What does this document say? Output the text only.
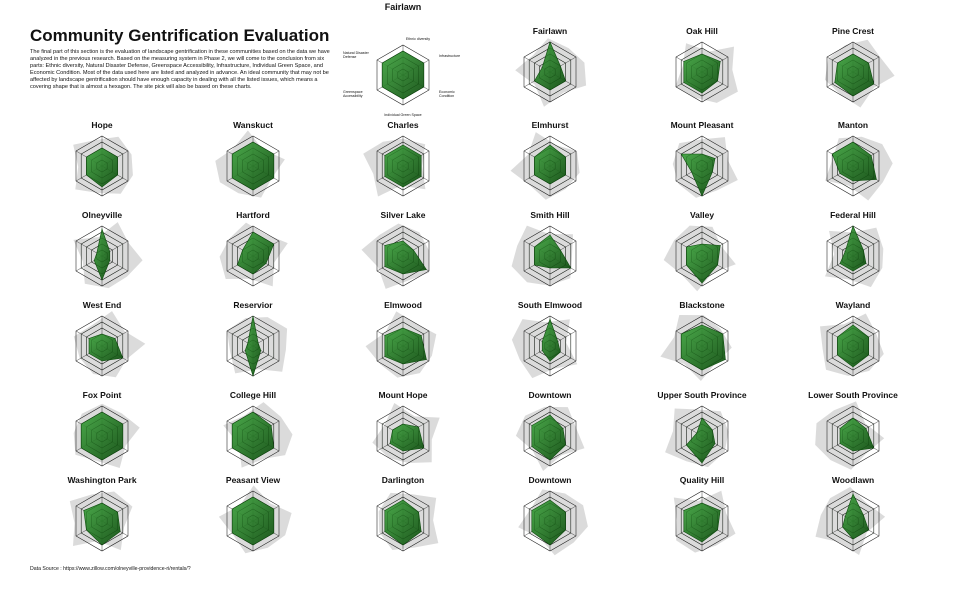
Community Gentrification Evaluation

The final part of this section is the evaluation of landscape gentrification in these communities based on the data we have analyzed in the previous research. Based on the measuring system in Phase 2, we will come to the conclusion from six parts: Ethnic diversity, Natural Disaster Defense, Greenspace Accessibility, Infrastructure, Individual Green Space, and Economic Condition. Most of the data used here are listed and analyzed in advance. An ideal community that may not be affected by landscape gentrification should have enough capacity in dealing with all the listed issues, which means a covering shape that is almost a hexagon. The site pick will also be based on these charts.

Data Source : https://www.zillow.com/olneyville-providence-ri/rentals/?
Fairlawn
Ethnic diversity
Infrastructure
Economic Condition
Individual Green Space
Greenspace Accessibility
Natural Disaster Defense
Fairlawn	Oak Hill	Pine Crest
Hope	Wanskuct	Charles	Elmhurst	Mount Pleasant	Manton
Olneyville	Hartford	Silver Lake	Smith Hill	Valley	Federal Hill
West End	Reservior	Elmwood	South Elmwood	Blackstone	Wayland
Fox Point	College Hill	Mount Hope	Downtown	Upper South Province	Lower South Province
Washington Park	Peasant View	Darlington	Downtown	Quality Hill	Woodlawn
